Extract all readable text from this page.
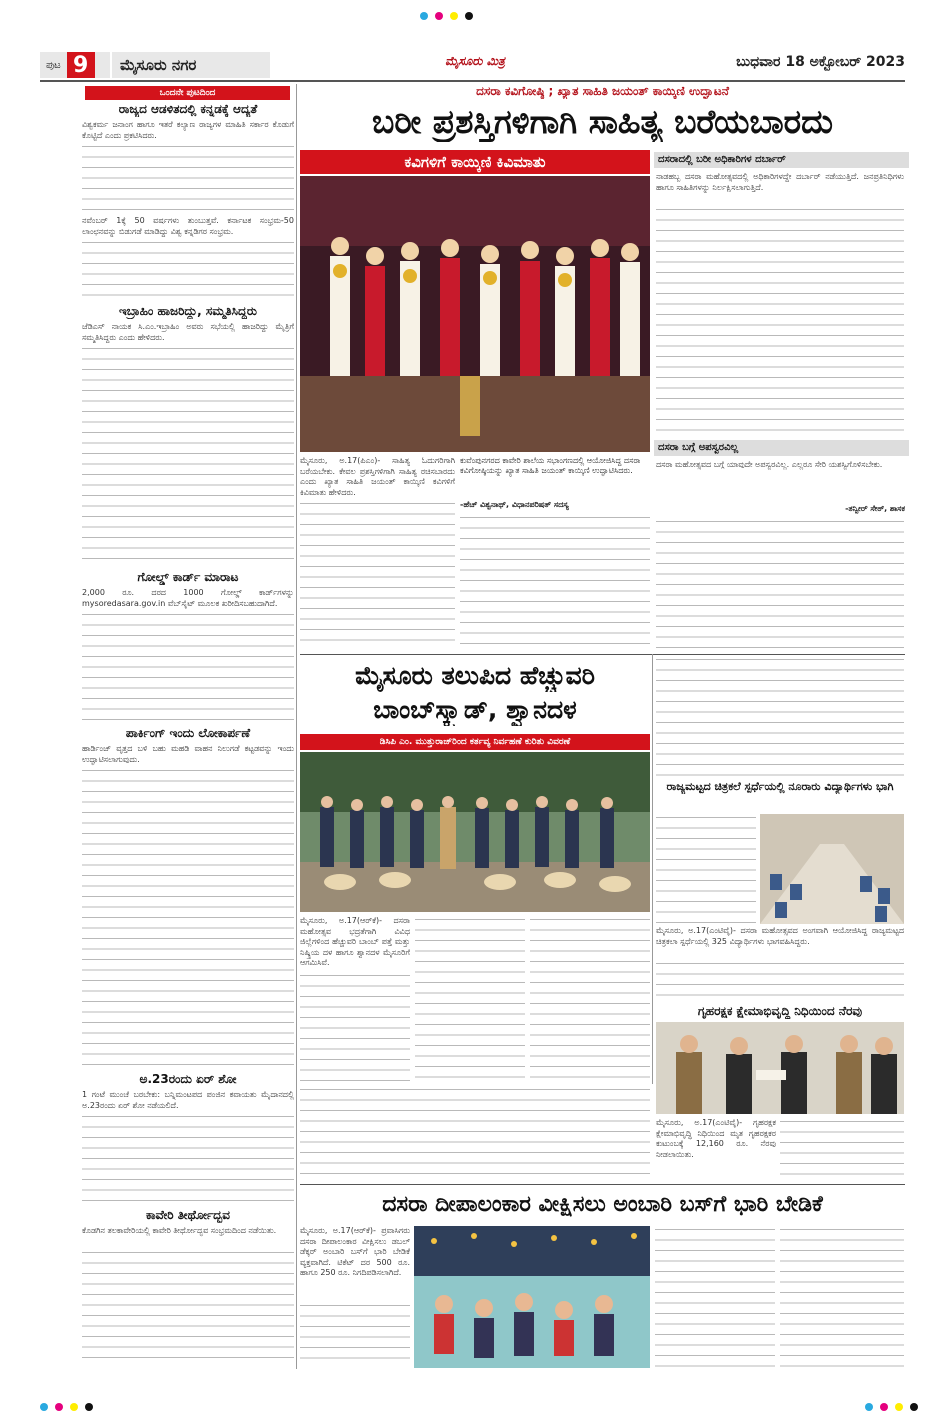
ಪುಟ 9	ಮೈಸೂರು ನಗರ	ಮೈಸೂರು ಮಿತ್ರ	ಬುಧವಾರ 18 ಅಕ್ಟೋಬರ್ 2023
ಒಂದನೇ ಪುಟದಿಂದ
ರಾಜ್ಯದ ಆಡಳಿತದಲ್ಲಿ ಕನ್ನಡಕ್ಕೆ ಆದ್ಯತೆ
ವಿಶ್ವಕರ್ಮ ಜನಾಂಗ ಹಾಗೂ ಇತರೆ ಕಲ್ಯಾಣ ರಾಜ್ಯಗಳ ಮಾಹಿತಿ ಸರ್ಕಾರ ಕೊಡುಗೆ ಕೊಟ್ಟಿದೆ ಎಂದು ಪ್ರಕಟಿಸಿದರು.
ನವೆಂಬರ್ 1ಕ್ಕೆ 50 ವರ್ಷಗಳು ತುಂಬುತ್ತವೆ. ಕರ್ನಾಟಕ ಸಂಭ್ರಮ-50 ಲಾಂಛನವನ್ನು ಬಿಡುಗಡೆ ಮಾಡಿದ್ದು ವಿಶ್ವ ಕನ್ನಡಿಗರ ಸಂಭ್ರಮ.
ಇಬ್ರಾಹಿಂ ಹಾಜರಿದ್ದು, ಸಮ್ಮತಿಸಿದ್ದರು
ಜೆಡಿಎಸ್ ನಾಯಕ ಸಿ.ಎಂ.ಇಬ್ರಾಹಿಂ ಅವರು ಸಭೆಯಲ್ಲಿ ಹಾಜರಿದ್ದು ಮೈತ್ರಿಗೆ ಸಮ್ಮತಿಸಿದ್ದರು ಎಂದು ಹೇಳಿದರು.
ಗೋಲ್ಡ್ ಕಾರ್ಡ್ ಮಾರಾಟ
2,000 ರೂ. ದರದ 1000 ಗೋಲ್ಡ್ ಕಾರ್ಡ್‌ಗಳನ್ನು mysoredasara.gov.in ವೆಬ್‌ಸೈಟ್ ಮೂಲಕ ಖರೀದಿಸಬಹುದಾಗಿದೆ.
ಪಾರ್ಕಿಂಗ್ ಇಂದು ಲೋಕಾರ್ಪಣೆ
ಹಾರ್ಡಿಂಜ್ ವೃತ್ತದ ಬಳಿ ಬಹು ಮಹಡಿ ವಾಹನ ನಿಲುಗಡೆ ಕಟ್ಟಡವನ್ನು ಇಂದು ಉದ್ಘಾಟಿಸಲಾಗುವುದು.
ಅ.23ರಂದು ಏರ್ ಶೋ
1 ಗಂಟೆ ಮುಂಚೆ ಬರಬೇಕು: ಬನ್ನಿಮಂಟಪದ ಪಂಜಿನ ಕವಾಯತು ಮೈದಾನದಲ್ಲಿ ಅ.23ರಂದು ಏರ್ ಶೋ ನಡೆಯಲಿದೆ.
ಕಾವೇರಿ ತೀರ್ಥೋದ್ಭವ
ಕೊಡಗಿನ ತಲಕಾವೇರಿಯಲ್ಲಿ ಕಾವೇರಿ ತೀರ್ಥೋದ್ಭವ ಸಂಭ್ರಮದಿಂದ ನಡೆಯಿತು.
ದಸರಾ ಕವಿಗೋಷ್ಠಿ ; ಖ್ಯಾತ ಸಾಹಿತಿ ಜಯಂತ್ ಕಾಯ್ಕಿಣಿ ಉದ್ಘಾಟನೆ
ಬರೀ ಪ್ರಶಸ್ತಿಗಳಿಗಾಗಿ ಸಾಹಿತ್ಯ ಬರೆಯಬಾರದು
ಕವಿಗಳಿಗೆ ಕಾಯ್ಕಿಣಿ ಕಿವಿಮಾತು
ಕುವೆಂಪುನಗರದ ಕಾವೇರಿ ಶಾಲೆಯ ಸಭಾಂಗಣದಲ್ಲಿ ಆಯೋಜಿಸಿದ್ದ ದಸರಾ ಕವಿಗೋಷ್ಠಿಯನ್ನು ಖ್ಯಾತ ಸಾಹಿತಿ ಜಯಂತ್ ಕಾಯ್ಕಿಣಿ ಉದ್ಘಾಟಿಸಿದರು.
-ಹೆಚ್ ವಿಶ್ವನಾಥ್, ವಿಧಾನಪರಿಷತ್ ಸದಸ್ಯ
ಮೈಸೂರು, ಅ.17(ಪಿಎಂ)- ಸಾಹಿತ್ಯ ಓದುಗರಿಗಾಗಿ ಬರೆಯಬೇಕು. ಕೇವಲ ಪ್ರಶಸ್ತಿಗಳಿಗಾಗಿ ಸಾಹಿತ್ಯ ರಚಿಸಬಾರದು ಎಂದು ಖ್ಯಾತ ಸಾಹಿತಿ ಜಯಂತ್ ಕಾಯ್ಕಿಣಿ ಕವಿಗಳಿಗೆ ಕಿವಿಮಾತು ಹೇಳಿದರು.
ದಸರಾದಲ್ಲಿ ಬರೀ ಅಧಿಕಾರಿಗಳ ದರ್ಬಾರ್
ನಾಡಹಬ್ಬ ದಸರಾ ಮಹೋತ್ಸವದಲ್ಲಿ ಅಧಿಕಾರಿಗಳದ್ದೇ ದರ್ಬಾರ್ ನಡೆಯುತ್ತಿದೆ. ಜನಪ್ರತಿನಿಧಿಗಳು ಹಾಗೂ ಸಾಹಿತಿಗಳನ್ನು ನಿರ್ಲಕ್ಷಿಸಲಾಗುತ್ತಿದೆ.
ದಸರಾ ಬಗ್ಗೆ ಅಪಸ್ವರವಿಲ್ಲ
ದಸರಾ ಮಹೋತ್ಸವದ ಬಗ್ಗೆ ಯಾವುದೇ ಅಪಸ್ವರವಿಲ್ಲ. ಎಲ್ಲರೂ ಸೇರಿ ಯಶಸ್ವಿಗೊಳಿಸಬೇಕು.
-ತನ್ವೀರ್ ಸೇಠ್, ಶಾಸಕ
ಮೈಸೂರು ತಲುಪಿದ ಹೆಚ್ಚುವರಿ
ಬಾಂಬ್‌ಸ್ಕ್ವಾಡ್, ಶ್ವಾನದಳ
ಡಿಸಿಪಿ ಎಂ. ಮುತ್ತುರಾಜ್‌ರಿಂದ ಕರ್ತವ್ಯ ನಿರ್ವಹಣೆ ಕುರಿತು ವಿವರಣೆ
ಮೈಸೂರು, ಅ.17(ಆರ್‌ಕೆ)- ದಸರಾ ಮಹೋತ್ಸವ ಭದ್ರತೆಗಾಗಿ ವಿವಿಧ ಜಿಲ್ಲೆಗಳಿಂದ ಹೆಚ್ಚುವರಿ ಬಾಂಬ್ ಪತ್ತೆ ಮತ್ತು ನಿಷ್ಕ್ರಿಯ ದಳ ಹಾಗೂ ಶ್ವಾನದಳ ಮೈಸೂರಿಗೆ ಆಗಮಿಸಿವೆ.
ರಾಜ್ಯಮಟ್ಟದ ಚಿತ್ರಕಲೆ ಸ್ಪರ್ಧೆಯಲ್ಲಿ ನೂರಾರು ವಿದ್ಯಾರ್ಥಿಗಳು ಭಾಗಿ
ಮೈಸೂರು, ಅ.17(ಎಂಟಿವೈ)- ದಸರಾ ಮಹೋತ್ಸವದ ಅಂಗವಾಗಿ ಆಯೋಜಿಸಿದ್ದ ರಾಜ್ಯಮಟ್ಟದ ಚಿತ್ರಕಲಾ ಸ್ಪರ್ಧೆಯಲ್ಲಿ 325 ವಿದ್ಯಾರ್ಥಿಗಳು ಭಾಗವಹಿಸಿದ್ದರು.
ಗೃಹರಕ್ಷಕ ಕ್ಷೇಮಾಭಿವೃದ್ಧಿ ನಿಧಿಯಿಂದ ನೆರವು
ಮೈಸೂರು, ಅ.17(ಎಂಟಿವೈ)- ಗೃಹರಕ್ಷಕ ಕ್ಷೇಮಾಭಿವೃದ್ಧಿ ನಿಧಿಯಿಂದ ಮೃತ ಗೃಹರಕ್ಷಕರ ಕುಟುಂಬಕ್ಕೆ 12,160 ರೂ. ನೆರವು ನೀಡಲಾಯಿತು.
ದಸರಾ ದೀಪಾಲಂಕಾರ ವೀಕ್ಷಿಸಲು ಅಂಬಾರಿ ಬಸ್‌ಗೆ ಭಾರಿ ಬೇಡಿಕೆ
ಮೈಸೂರು, ಅ.17(ಆರ್‌ಕೆ)- ಪ್ರವಾಸಿಗರು ದಸರಾ ದೀಪಾಲಂಕಾರ ವೀಕ್ಷಿಸಲು ಡಬಲ್ ಡೆಕ್ಕರ್ ಅಂಬಾರಿ ಬಸ್‌ಗೆ ಭಾರಿ ಬೇಡಿಕೆ ವ್ಯಕ್ತವಾಗಿದೆ. ಟಿಕೆಟ್ ದರ 500 ರೂ. ಹಾಗೂ 250 ರೂ. ನಿಗದಿಪಡಿಸಲಾಗಿದೆ.
